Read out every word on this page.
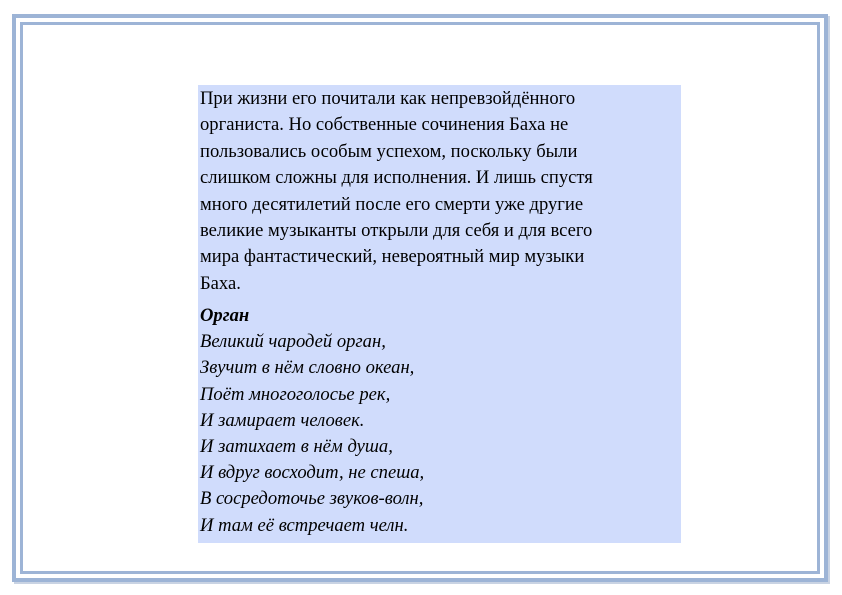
При жизни его почитали как непревзойдённого
органиста. Но собственные сочинения Баха не
пользовались особым успехом, поскольку были
слишком сложны для исполнения. И лишь спустя
много десятилетий после его смерти уже другие
великие музыканты открыли для себя и для всего
мира фантастический, невероятный мир музыки
Баха.

Орган

Великий чародей орган,

Звучит в нём словно океан,

Поёт многоголосье рек,

И замирает человек.

И затихает в нём душа,

И вдруг восходит, не спеша,

В сосредоточье звуков-волн,

И там её встречает челн.
